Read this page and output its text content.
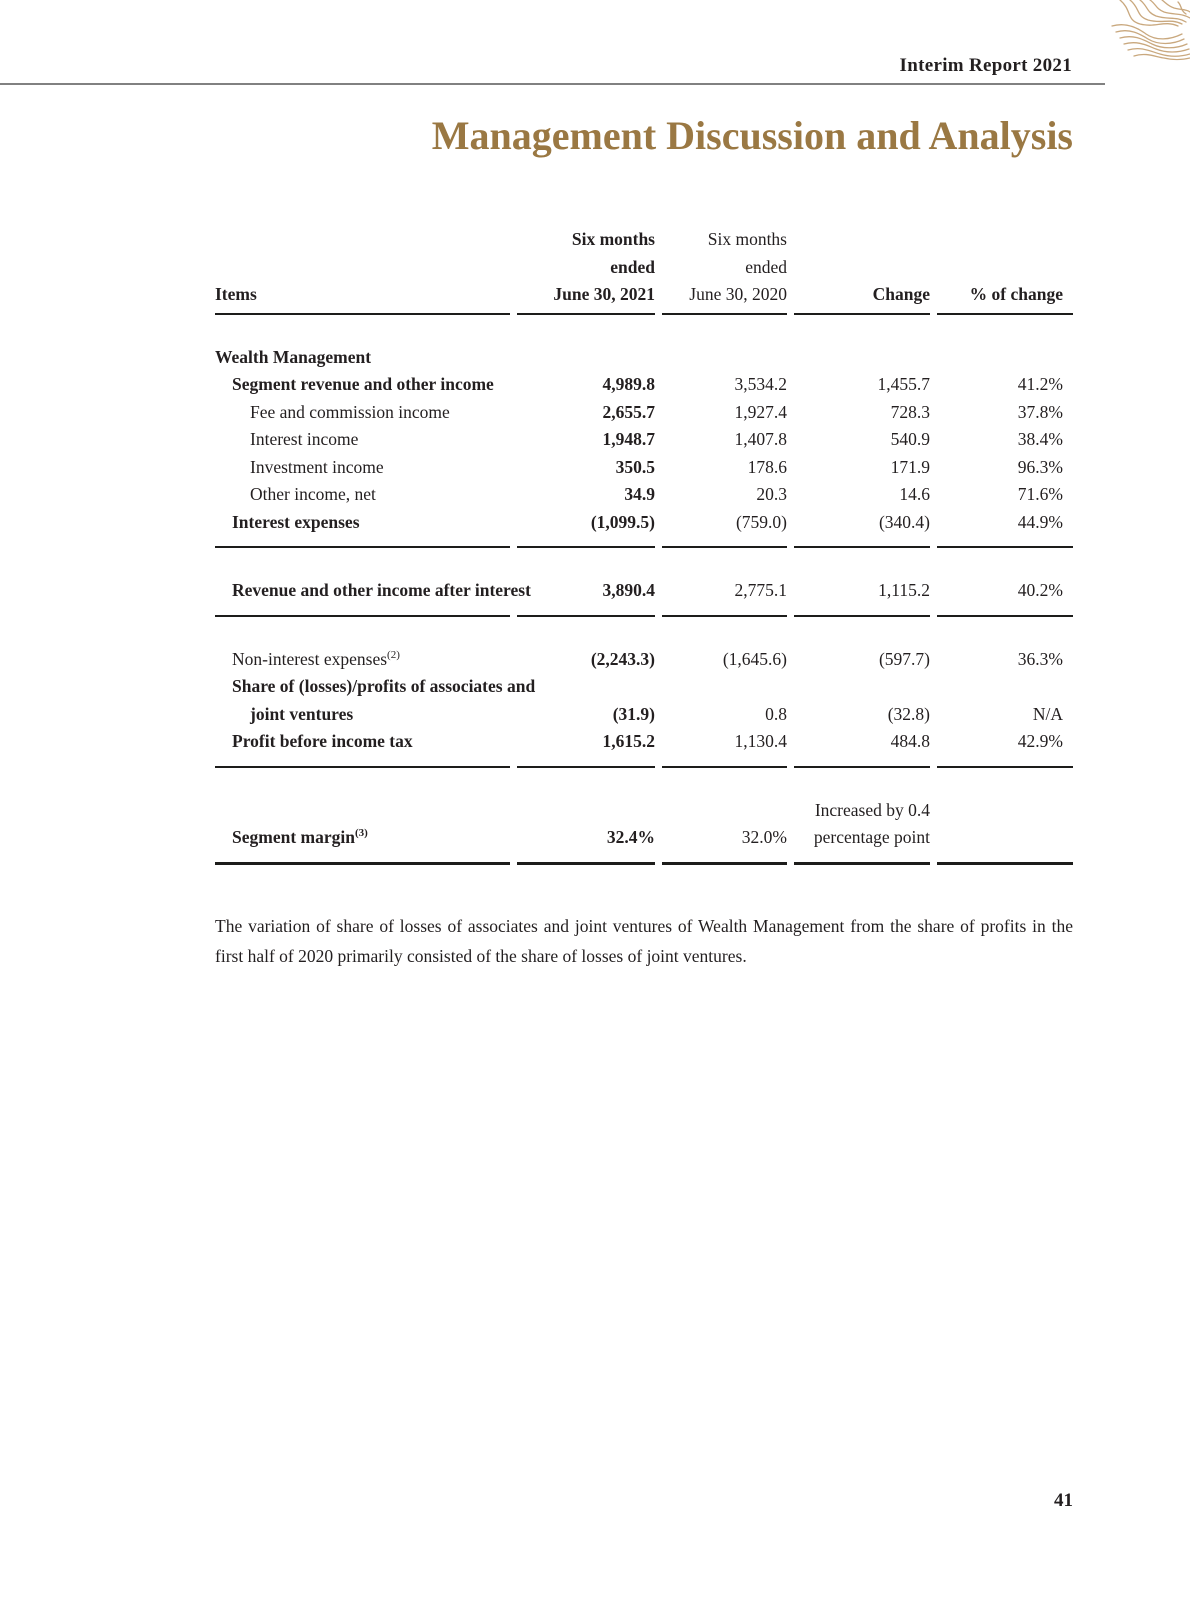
Interim Report 2021
Management Discussion and Analysis
	Six months	Six months		
	ended	ended		
Items	June 30, 2021	June 30, 2020	Change	% of change
Wealth Management				
Segment revenue and other income	4,989.8	3,534.2	1,455.7	41.2%
Fee and commission income	2,655.7	1,927.4	728.3	37.8%
Interest income	1,948.7	1,407.8	540.9	38.4%
Investment income	350.5	178.6	171.9	96.3%
Other income, net	34.9	20.3	14.6	71.6%
Interest expenses	(1,099.5)	(759.0)	(340.4)	44.9%
Revenue and other income after interest	3,890.4	2,775.1	1,115.2	40.2%
Non-interest expenses$^{(2)}$	(2,243.3)	(1,645.6)	(597.7)	36.3%
Share of (losses)/profits of associates and				
joint ventures	(31.9)	0.8	(32.8)	N/A
Profit before income tax	1,615.2	1,130.4	484.8	42.9%
Segment margin$^{(3)}$	32.4%	32.0%	Increased by 0.4
percentage point	

The variation of share of losses of associates and joint ventures of Wealth Management from the share of profits in the first half of 2020 primarily consisted of the share of losses of joint ventures.

41
